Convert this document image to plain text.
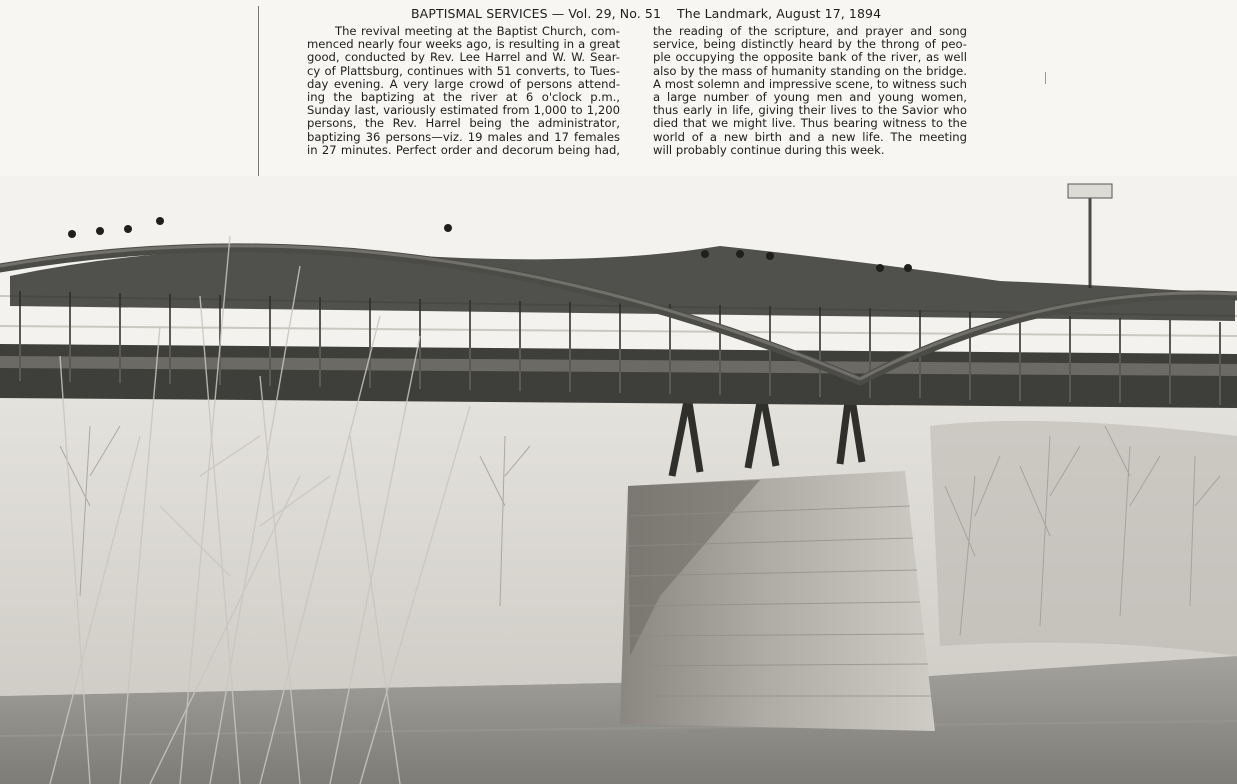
BAPTISMAL SERVICES — Vol. 29, No. 51 The Landmark, August 17, 1894
The revival meeting at the Baptist Church, com-
menced nearly four weeks ago, is resulting in a great
good, conducted by Rev. Lee Harrel and W. W. Sear-
cy of Plattsburg, continues with 51 converts, to Tues-
day evening. A very large crowd of persons attend-
ing the baptizing at the river at 6 o'clock p.m.,
Sunday last, variously estimated from 1,000 to 1,200
persons, the Rev. Harrel being the administrator,
baptizing 36 persons—viz. 19 males and 17 females
in 27 minutes. Perfect order and decorum being had,
the reading of the scripture, and prayer and song
service, being distinctly heard by the throng of peo-
ple occupying the opposite bank of the river, as well
also by the mass of humanity standing on the bridge.
A most solemn and impressive scene, to witness such
a large number of young men and young women,
thus early in life, giving their lives to the Savior who
died that we might live. Thus bearing witness to the
world of a new birth and a new life. The meeting
will probably continue during this week.
